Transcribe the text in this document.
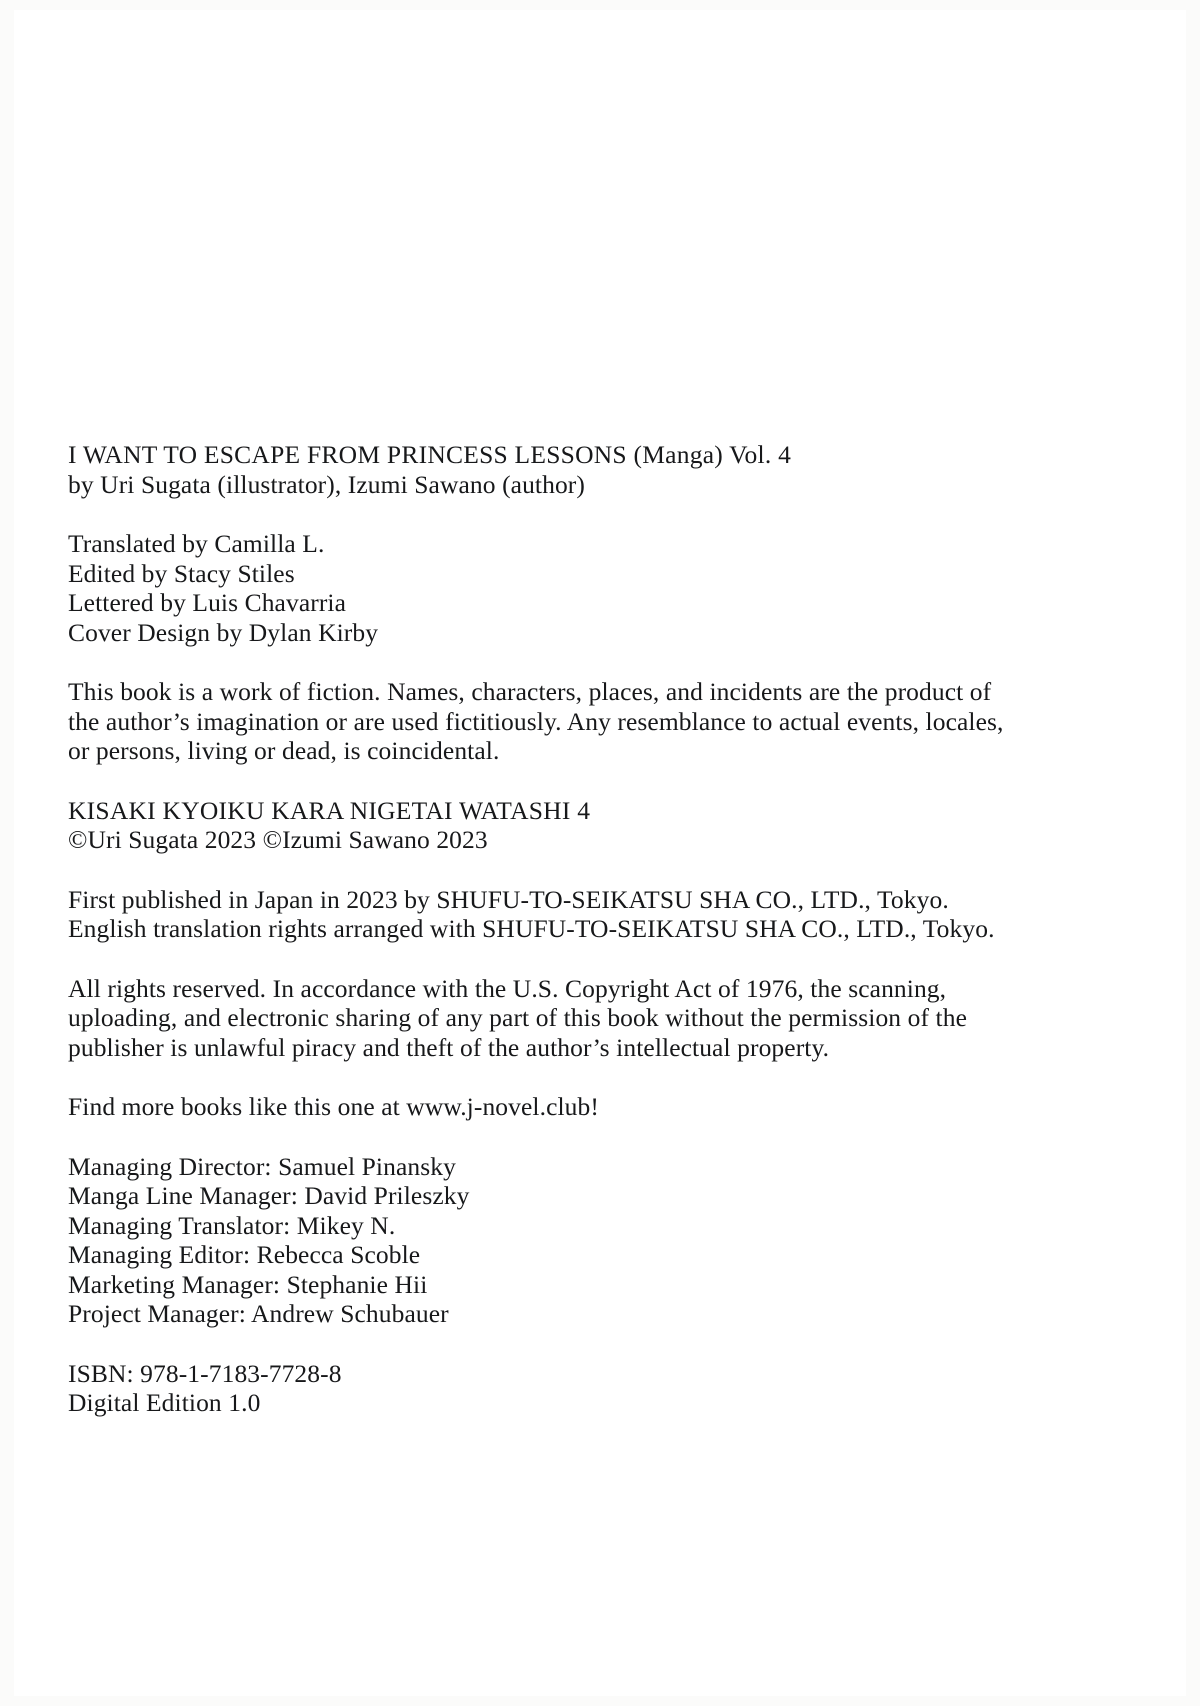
I WANT TO ESCAPE FROM PRINCESS LESSONS (Manga) Vol. 4
by Uri Sugata (illustrator), Izumi Sawano (author)

Translated by Camilla L.
Edited by Stacy Stiles
Lettered by Luis Chavarria
Cover Design by Dylan Kirby

This book is a work of fiction. Names, characters, places, and incidents are the product of
the author’s imagination or are used fictitiously. Any resemblance to actual events, locales,
or persons, living or dead, is coincidental.

KISAKI KYOIKU KARA NIGETAI WATASHI 4
©Uri Sugata 2023 ©Izumi Sawano 2023

First published in Japan in 2023 by SHUFU-TO-SEIKATSU SHA CO., LTD., Tokyo.
English translation rights arranged with SHUFU-TO-SEIKATSU SHA CO., LTD., Tokyo.

All rights reserved. In accordance with the U.S. Copyright Act of 1976, the scanning,
uploading, and electronic sharing of any part of this book without the permission of the
publisher is unlawful piracy and theft of the author’s intellectual property.

Find more books like this one at www.j-novel.club!

Managing Director: Samuel Pinansky
Manga Line Manager: David Prileszky
Managing Translator: Mikey N.
Managing Editor: Rebecca Scoble
Marketing Manager: Stephanie Hii
Project Manager: Andrew Schubauer

ISBN: 978-1-7183-7728-8
Digital Edition 1.0
